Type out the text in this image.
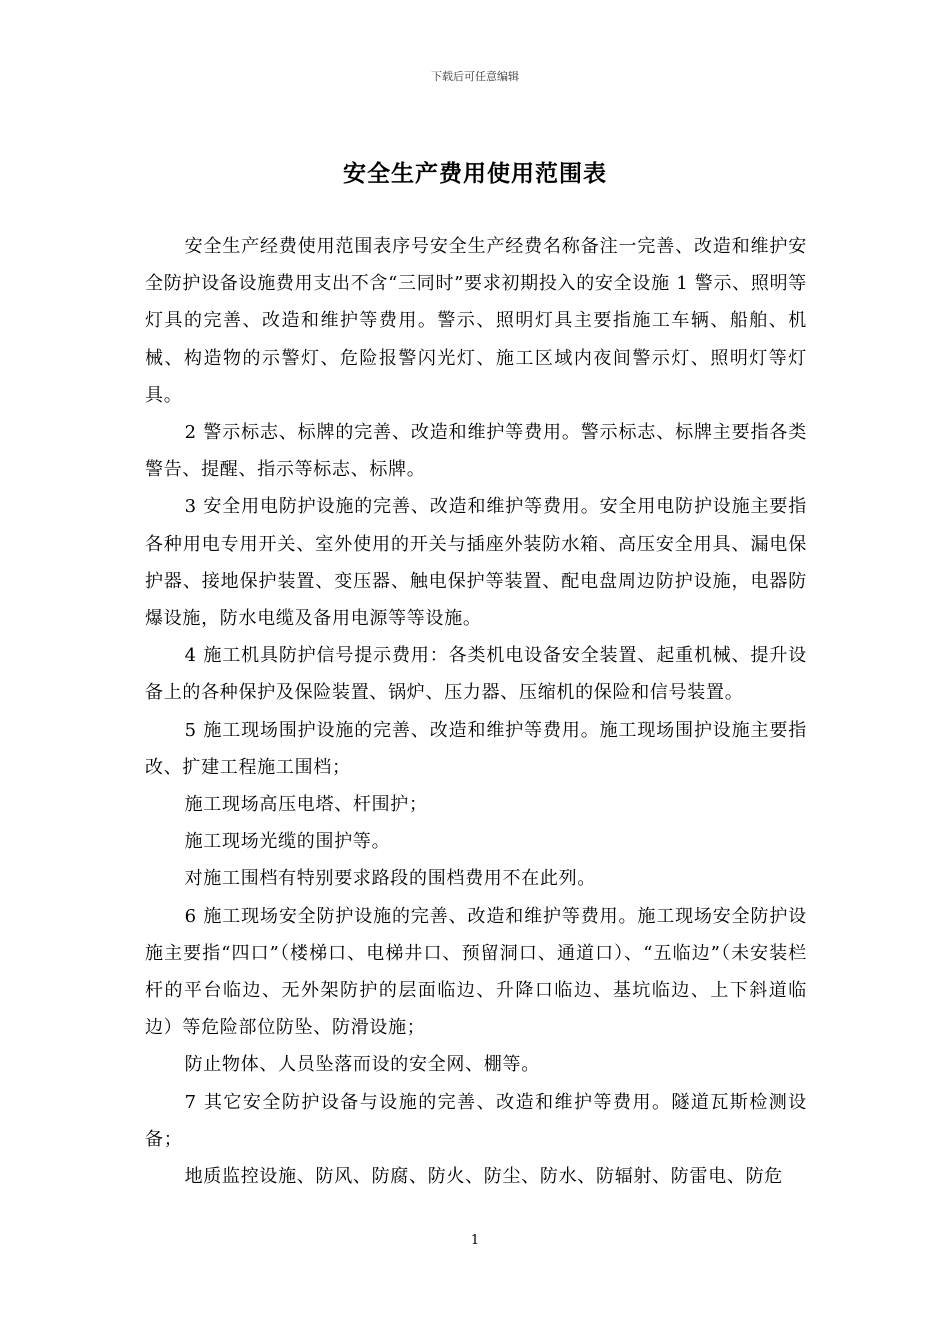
下载后可任意编辑
安全生产费用使用范围表

安全生产经费使用范围表序号安全生产经费名称备注一完善、改造和维护安全防护设备设施费用支出不含“三同时”要求初期投入的安全设施 1 警示、照明等灯具的完善、改造和维护等费用。警示、照明灯具主要指施工车辆、船舶、机械、构造物的示警灯、危险报警闪光灯、施工区域内夜间警示灯、照明灯等灯具。

2 警示标志、标牌的完善、改造和维护等费用。警示标志、标牌主要指各类警告、提醒、指示等标志、标牌。

3 安全用电防护设施的完善、改造和维护等费用。安全用电防护设施主要指各种用电专用开关、室外使用的开关与插座外装防水箱、高压安全用具、漏电保护器、接地保护装置、变压器、触电保护等装置、配电盘周边防护设施，电器防爆设施，防水电缆及备用电源等等设施。

4 施工机具防护信号提示费用：各类机电设备安全装置、起重机械、提升设备上的各种保护及保险装置、锅炉、压力器、压缩机的保险和信号装置。

5 施工现场围护设施的完善、改造和维护等费用。施工现场围护设施主要指改、扩建工程施工围档；

施工现场高压电塔、杆围护；

施工现场光缆的围护等。

对施工围档有特别要求路段的围档费用不在此列。

6 施工现场安全防护设施的完善、改造和维护等费用。施工现场安全防护设施主要指“四口”（楼梯口、电梯井口、预留洞口、通道口）、“五临边”（未安装栏杆的平台临边、无外架防护的层面临边、升降口临边、基坑临边、上下斜道临边）等危险部位防坠、防滑设施；

防止物体、人员坠落而设的安全网、棚等。

7 其它安全防护设备与设施的完善、改造和维护等费用。隧道瓦斯检测设备；

地质监控设施、防风、防腐、防火、防尘、防水、防辐射、防雷电、防危

1
